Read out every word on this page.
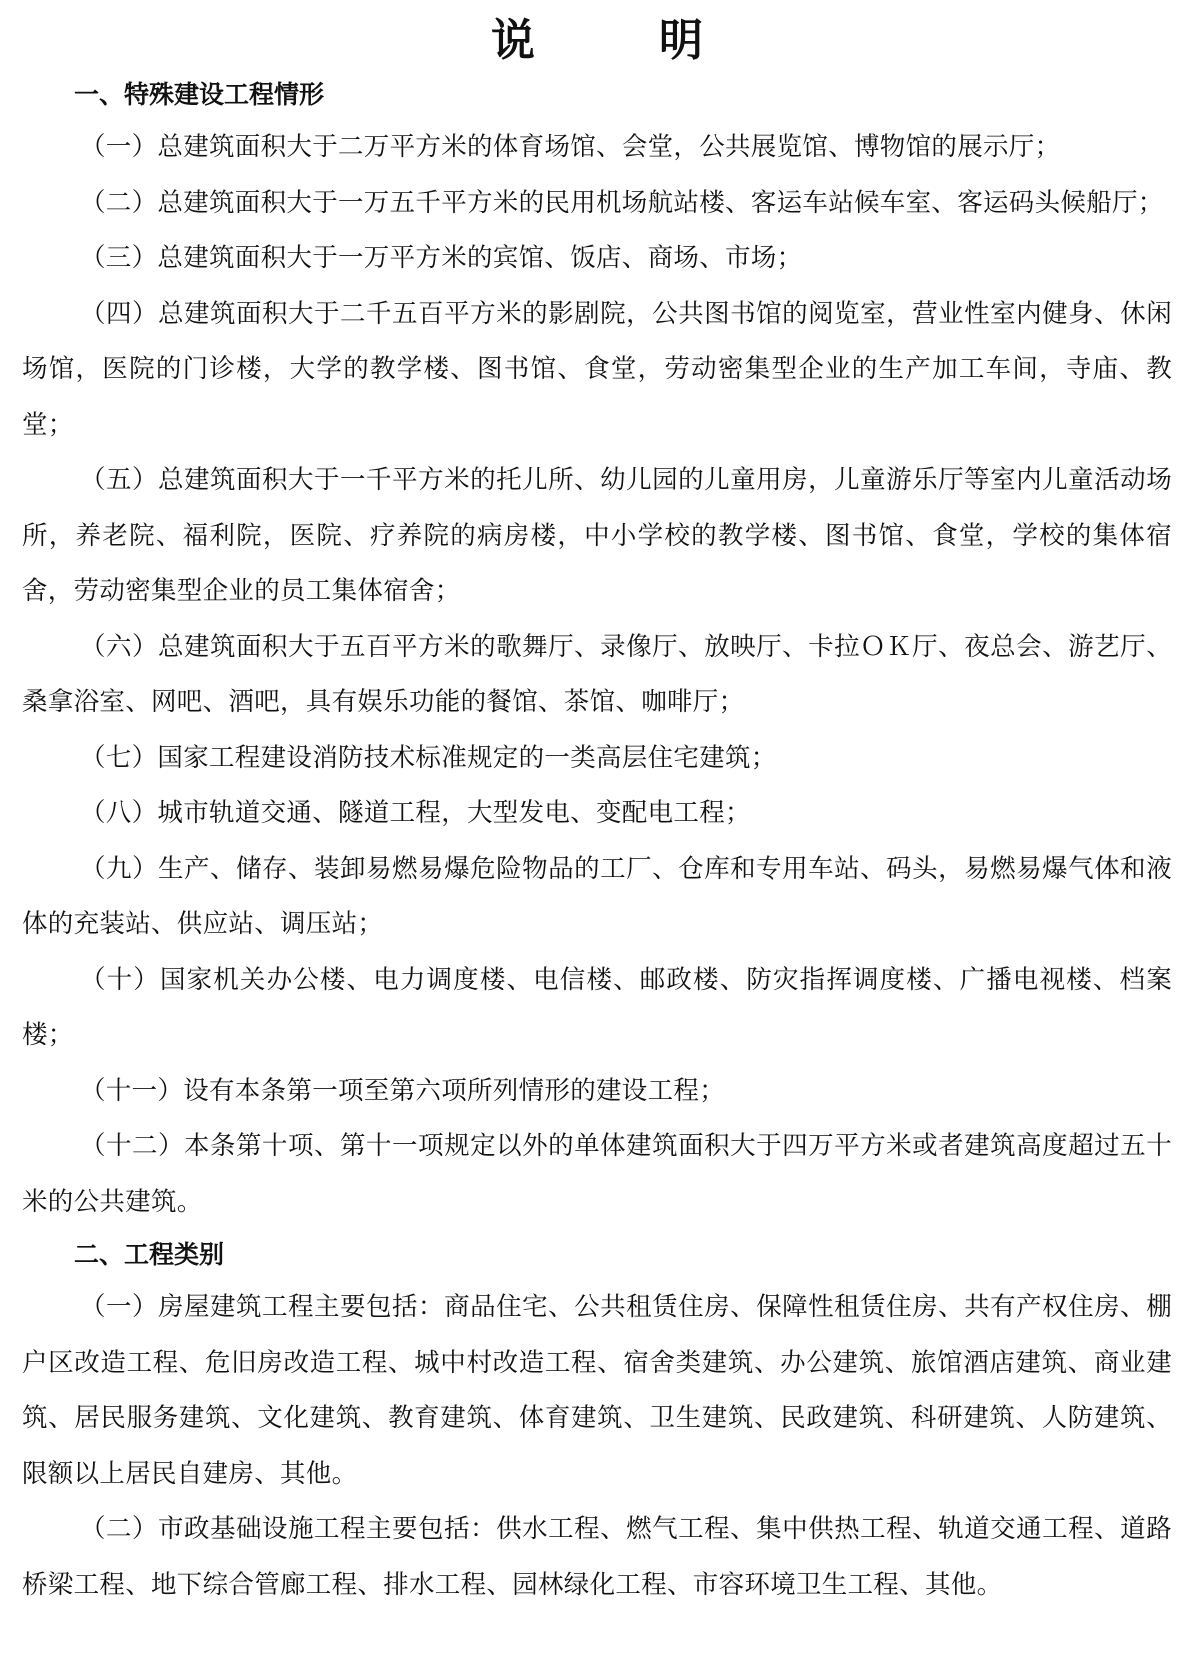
说　明
一、特殊建设工程情形

（一）总建筑面积大于二万平方米的体育场馆、会堂，公共展览馆、博物馆的展示厅；

（二）总建筑面积大于一万五千平方米的民用机场航站楼、客运车站候车室、客运码头候船厅；

（三）总建筑面积大于一万平方米的宾馆、饭店、商场、市场；

（四）总建筑面积大于二千五百平方米的影剧院，公共图书馆的阅览室，营业性室内健身、休闲场馆，医院的门诊楼，大学的教学楼、图书馆、食堂，劳动密集型企业的生产加工车间，寺庙、教堂；

（五）总建筑面积大于一千平方米的托儿所、幼儿园的儿童用房，儿童游乐厅等室内儿童活动场所，养老院、福利院，医院、疗养院的病房楼，中小学校的教学楼、图书馆、食堂，学校的集体宿舍，劳动密集型企业的员工集体宿舍；

（六）总建筑面积大于五百平方米的歌舞厅、录像厅、放映厅、卡拉ＯＫ厅、夜总会、游艺厅、桑拿浴室、网吧、酒吧，具有娱乐功能的餐馆、茶馆、咖啡厅；

（七）国家工程建设消防技术标准规定的一类高层住宅建筑；

（八）城市轨道交通、隧道工程，大型发电、变配电工程；

（九）生产、储存、装卸易燃易爆危险物品的工厂、仓库和专用车站、码头，易燃易爆气体和液体的充装站、供应站、调压站；

（十）国家机关办公楼、电力调度楼、电信楼、邮政楼、防灾指挥调度楼、广播电视楼、档案楼；

（十一）设有本条第一项至第六项所列情形的建设工程；

（十二）本条第十项、第十一项规定以外的单体建筑面积大于四万平方米或者建筑高度超过五十米的公共建筑。

二、工程类别

（一）房屋建筑工程主要包括：商品住宅、公共租赁住房、保障性租赁住房、共有产权住房、棚户区改造工程、危旧房改造工程、城中村改造工程、宿舍类建筑、办公建筑、旅馆酒店建筑、商业建筑、居民服务建筑、文化建筑、教育建筑、体育建筑、卫生建筑、民政建筑、科研建筑、人防建筑、限额以上居民自建房、其他。

（二）市政基础设施工程主要包括：供水工程、燃气工程、集中供热工程、轨道交通工程、道路桥梁工程、地下综合管廊工程、排水工程、园林绿化工程、市容环境卫生工程、其他。
